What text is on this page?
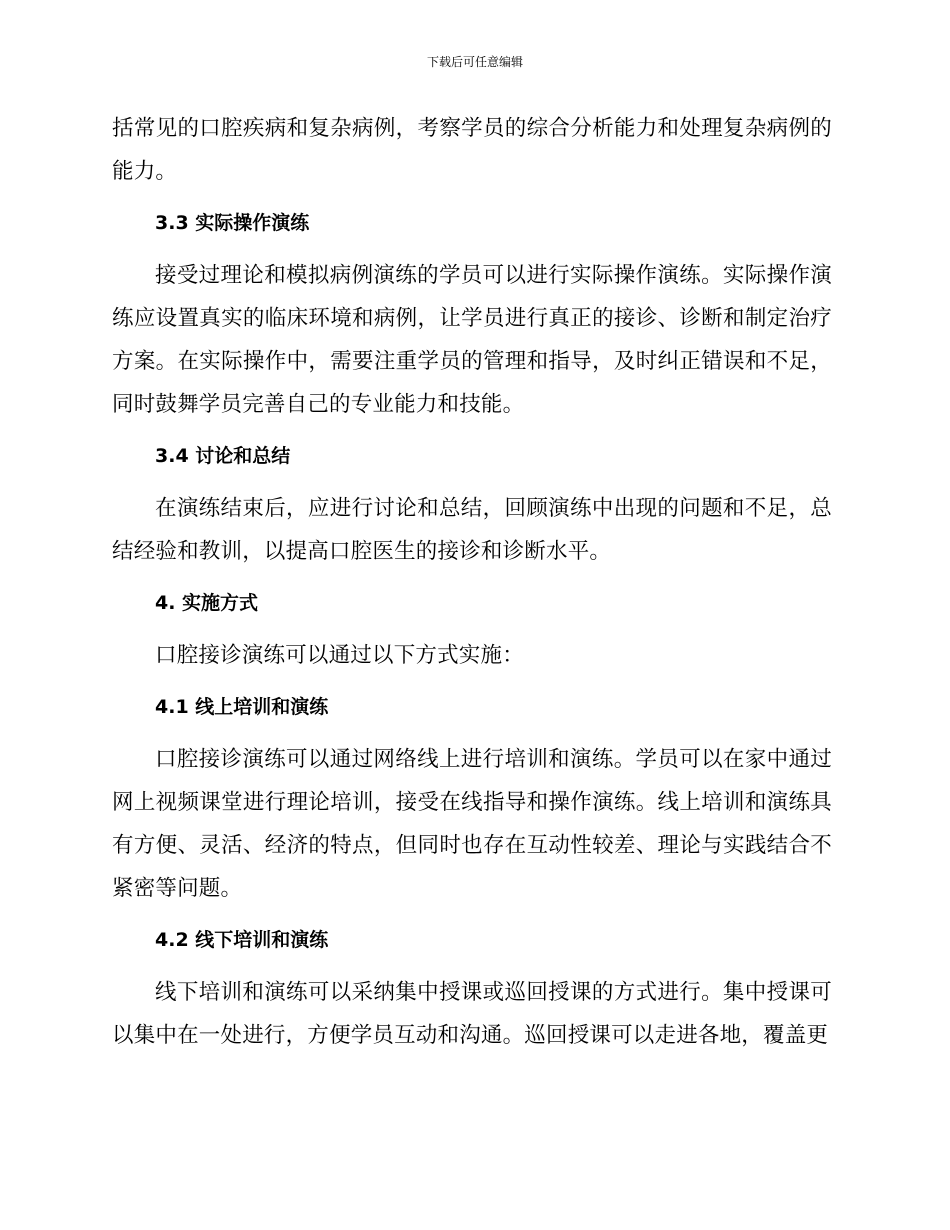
下载后可任意编辑

括常见的口腔疾病和复杂病例，考察学员的综合分析能力和处理复杂病例的能力。

3.3 实际操作演练

接受过理论和模拟病例演练的学员可以进行实际操作演练。实际操作演练应设置真实的临床环境和病例，让学员进行真正的接诊、诊断和制定治疗方案。在实际操作中，需要注重学员的管理和指导，及时纠正错误和不足，同时鼓舞学员完善自己的专业能力和技能。

3.4 讨论和总结

在演练结束后，应进行讨论和总结，回顾演练中出现的问题和不足，总结经验和教训，以提高口腔医生的接诊和诊断水平。

4. 实施方式

口腔接诊演练可以通过以下方式实施：

4.1 线上培训和演练

口腔接诊演练可以通过网络线上进行培训和演练。学员可以在家中通过网上视频课堂进行理论培训，接受在线指导和操作演练。线上培训和演练具有方便、灵活、经济的特点，但同时也存在互动性较差、理论与实践结合不紧密等问题。

4.2 线下培训和演练

线下培训和演练可以采纳集中授课或巡回授课的方式进行。集中授课可以集中在一处进行，方便学员互动和沟通。巡回授课可以走进各地，覆盖更
